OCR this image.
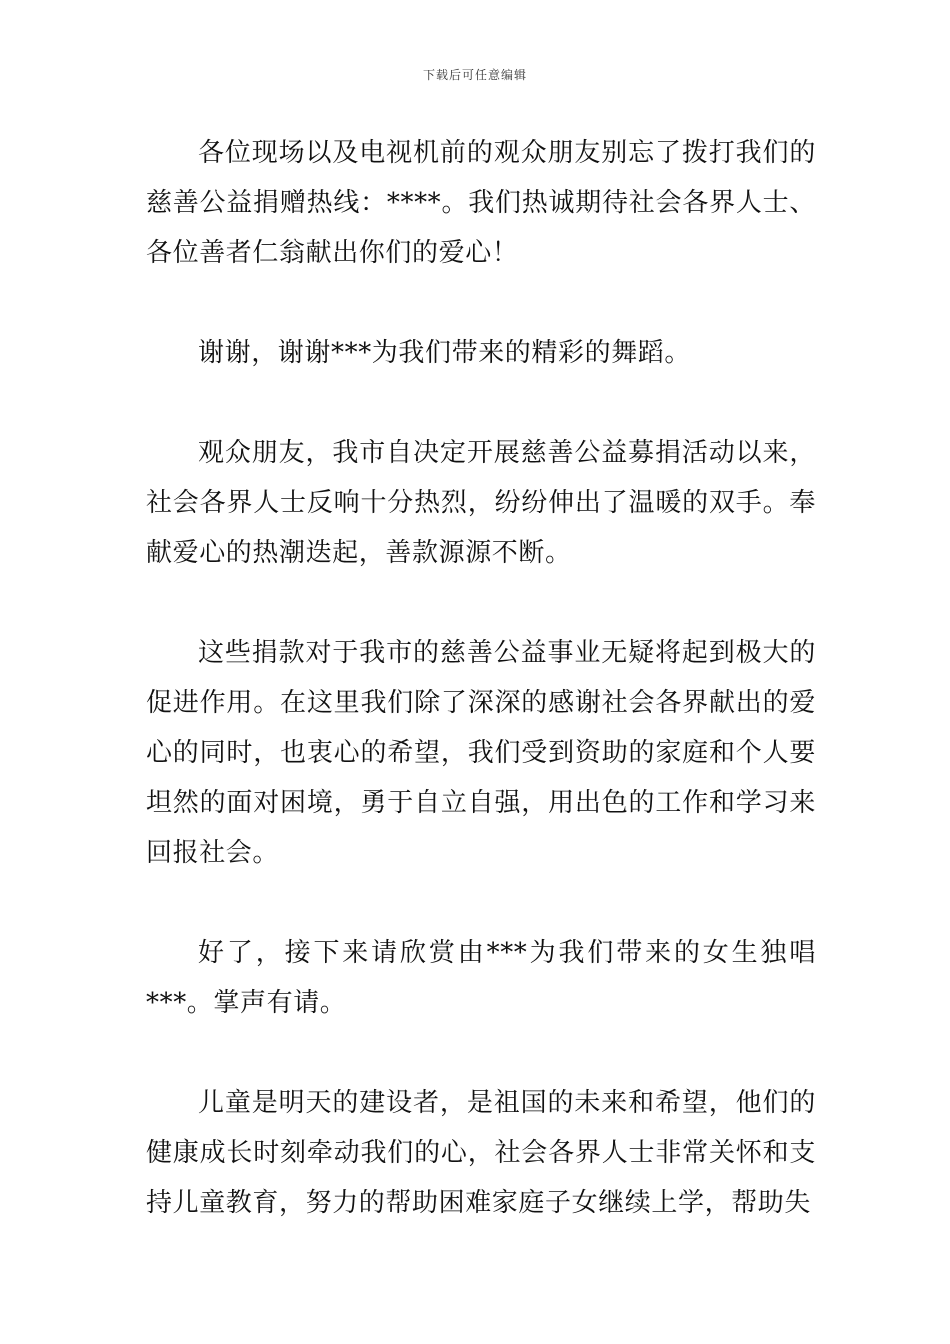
下载后可任意编辑

各位现场以及电视机前的观众朋友别忘了拨打我们的慈善公益捐赠热线：****。我们热诚期待社会各界人士、各位善者仁翁献出你们的爱心！

谢谢，谢谢***为我们带来的精彩的舞蹈。

观众朋友，我市自决定开展慈善公益募捐活动以来，社会各界人士反响十分热烈，纷纷伸出了温暖的双手。奉献爱心的热潮迭起，善款源源不断。

这些捐款对于我市的慈善公益事业无疑将起到极大的促进作用。在这里我们除了深深的感谢社会各界献出的爱心的同时，也衷心的希望，我们受到资助的家庭和个人要坦然的面对困境，勇于自立自强，用出色的工作和学习来回报社会。

好了，接下来请欣赏由***为我们带来的女生独唱***。掌声有请。

儿童是明天的建设者，是祖国的未来和希望，他们的健康成长时刻牵动我们的心，社会各界人士非常关怀和支持儿童教育，努力的帮助困难家庭子女继续上学，帮助失
